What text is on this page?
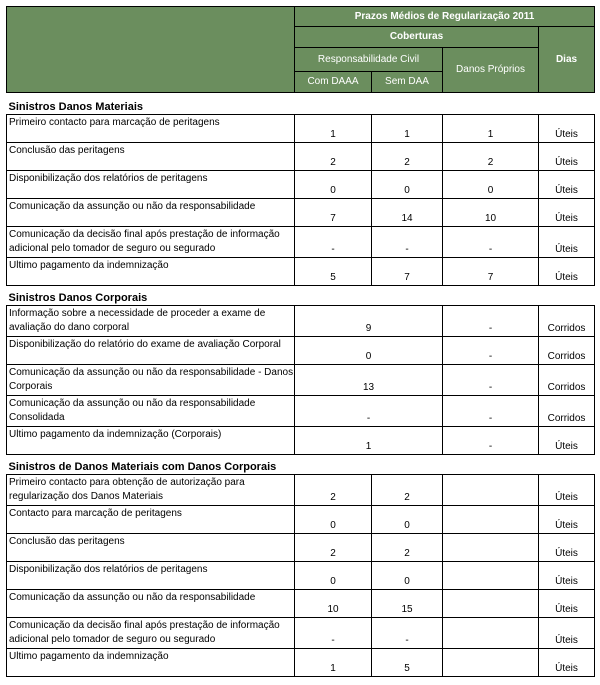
	Prazos Médios de Regularização 2011			
	Coberturas			Dias
	Responsabilidade Civil		Danos Próprios	
	Com DAAA	Sem DAA		
Sinistros Danos Materiais				
Primeiro contacto para marcação de peritagens	1	1	1	Úteis
Conclusão das peritagens	2	2	2	Úteis
Disponibilização dos relatórios de peritagens	0	0	0	Úteis
Comunicação da assunção ou não da responsabilidade	7	14	10	Úteis
Comunicação da decisão final após prestação de informação adicional pelo tomador de seguro ou segurado	-	-	-	Úteis
Ultimo pagamento da indemnização	5	7	7	Úteis
Sinistros Danos Corporais				
Informação sobre a necessidade de proceder a exame de avaliação do dano corporal	9		-	Corridos
Disponibilização do relatório do exame de avaliação Corporal	0		-	Corridos
Comunicação da assunção ou não da responsabilidade - Danos Corporais	13		-	Corridos
Comunicação da assunção ou não da responsabilidade Consolidada	-		-	Corridos
Ultimo pagamento da indemnização (Corporais)	1		-	Úteis
Sinistros de Danos Materiais com Danos Corporais				
Primeiro contacto para obtenção de autorização para regularização dos Danos Materiais	2	2		Úteis
Contacto para marcação de peritagens	0	0		Úteis
Conclusão das peritagens	2	2		Úteis
Disponibilização dos relatórios de peritagens	0	0		Úteis
Comunicação da assunção ou não da responsabilidade	10	15		Úteis
Comunicação da decisão final após prestação de informação adicional pelo tomador de seguro ou segurado	-	-		Úteis
Ultimo pagamento da indemnização	1	5		Úteis
